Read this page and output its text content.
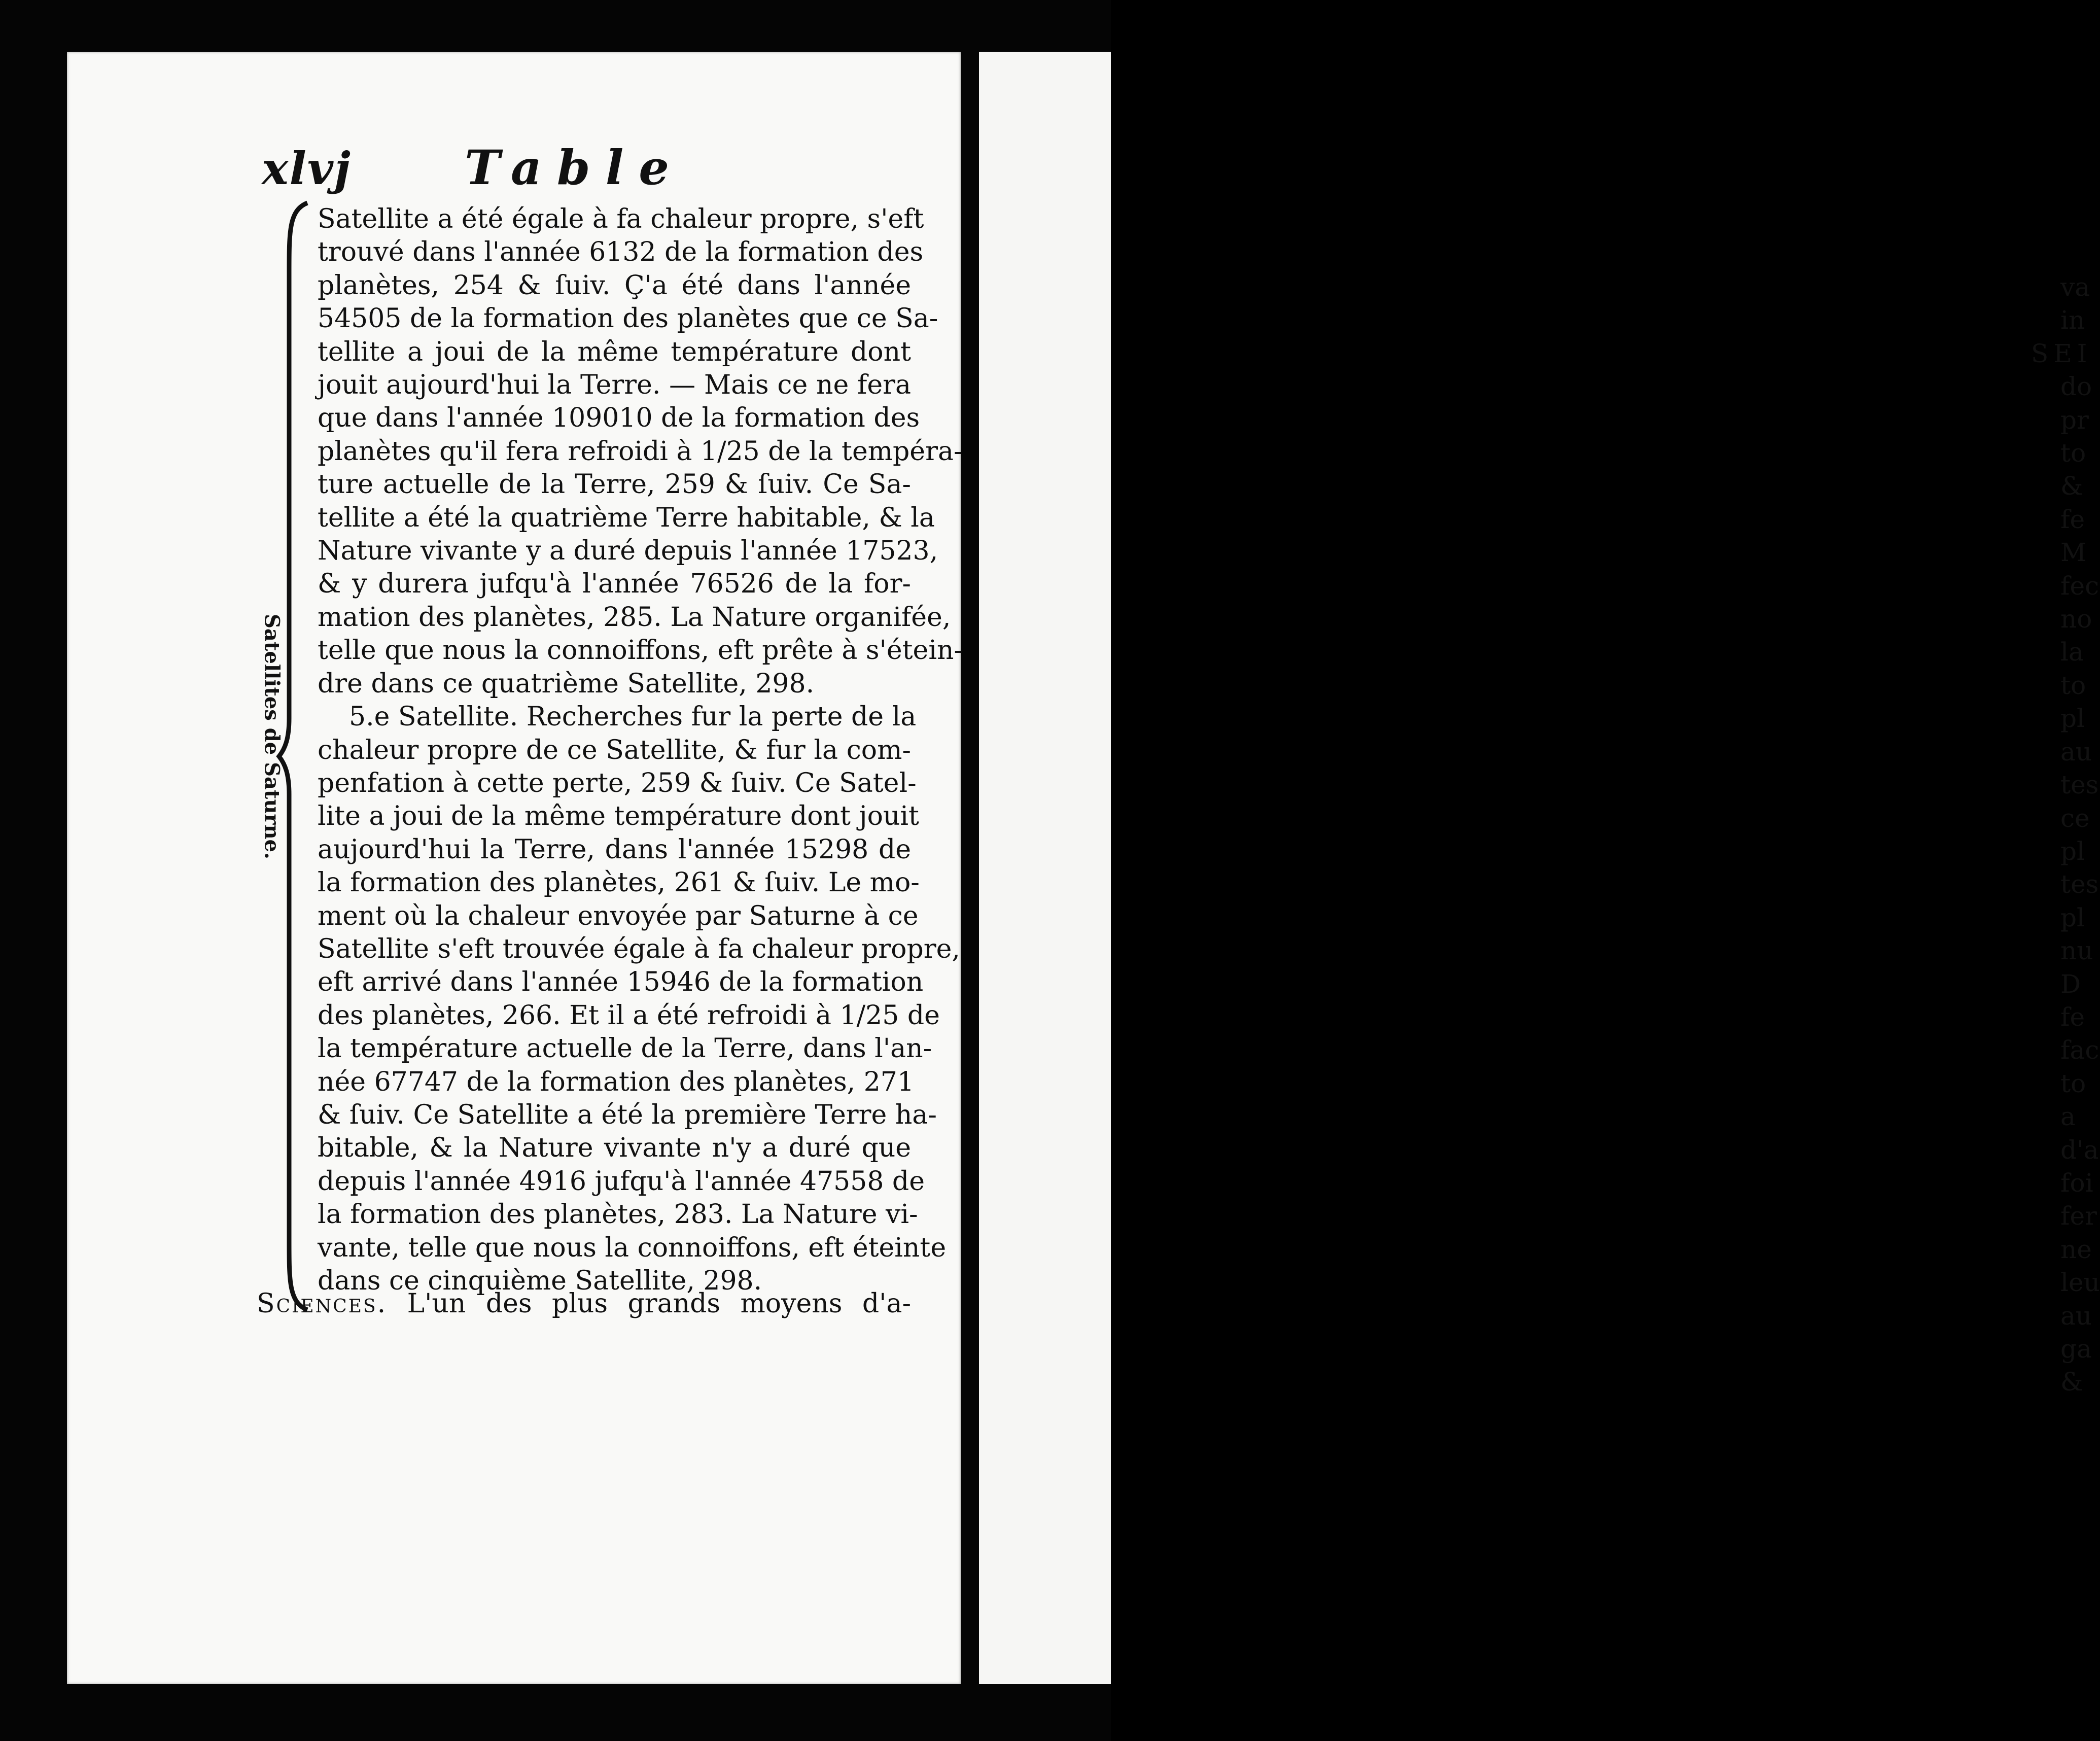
va
in
SEI
do
pr
to
&
fe
M
fec
no
la
to
pl
au
tes
ce
pl
tes
pl
nu
D
fe
fac
to
a
d'a
foi
fer
ne
leu
au
ga
&
xlvj Table
Satellites de Saturne.

Satellite a été égale à fa chaleur propre, s'eft
trouvé dans l'année 6132 de la formation des
planètes, 254 & ſuiv. Ç'a été dans l'année
54505 de la formation des planètes que ce Sa-
tellite a joui de la même température dont
jouit aujourd'hui la Terre. — Mais ce ne fera
que dans l'année 109010 de la formation des
planètes qu'il fera refroidi à 1/25 de la tempéra-
ture actuelle de la Terre, 259 & ſuiv. Ce Sa-
tellite a été la quatrième Terre habitable, & la
Nature vivante y a duré depuis l'année 17523,
& y durera jufqu'à l'année 76526 de la for-
mation des planètes, 285. La Nature organifée,
telle que nous la connoiffons, eft prête à s'étein-
dre dans ce quatrième Satellite, 298.

5.e Satellite. Recherches fur la perte de la
chaleur propre de ce Satellite, & fur la com-
penfation à cette perte, 259 & ſuiv. Ce Satel-
lite a joui de la même température dont jouit
aujourd'hui la Terre, dans l'année 15298 de
la formation des planètes, 261 & ſuiv. Le mo-
ment où la chaleur envoyée par Saturne à ce
Satellite s'eft trouvée égale à fa chaleur propre,
eft arrivé dans l'année 15946 de la formation
des planètes, 266. Et il a été refroidi à 1/25 de
la température actuelle de la Terre, dans l'an-
née 67747 de la formation des planètes, 271
& ſuiv. Ce Satellite a été la première Terre ha-
bitable, & la Nature vivante n'y a duré que
depuis l'année 4916 jufqu'à l'année 47558 de
la formation des planètes, 283. La Nature vi-
vante, telle que nous la connoiffons, eft éteinte
dans ce cinquième Satellite, 298.

Sciences. L'un des plus grands moyens d'a-
